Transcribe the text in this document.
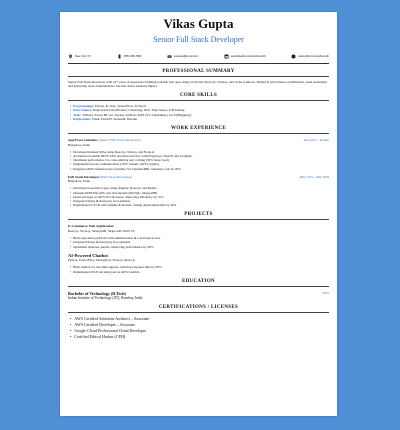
Vikas Gupta
Senior Full Stack Developer
New York, NY	(555) 456-7890	example@email.com	www.linkedin.com/in/johnsmith	www.github.com/johnsmith
PROFESSIONAL SUMMARY
Senior Full Stack Developer with 16+ years of experience building scalable web apps using JavaScript, React.js, Node.js, and cloud solutions. Skilled in performance optimization, team leadership, and delivering clean, maintainable code that drives business impact.
CORE SKILLS
• Programming: Python, R, SQL, TensorFlow, PyTorch
• Data Science: Regression/Classification, Clustering, NLP, Time Series, A/B Testing
• Tools: Tableau, Power BI, Git, Docker, Airflow, AWS (S3, SageMaker), GCP (BigQuery)
• Deployment: Flask, FastAPI, Streamlit, Heroku
WORK EXPERIENCE
AppTrove Solutions (Senior Full Stack Developer)	June 2015 – Present
Bangalore, India
• Developed modern SPAs using React.js, Next.js, and Node.js
• Architected scalable REST APIs and microservices with Express.js, NestJS, and GraphQL
• Optimized performance via code-splitting and caching (30% faster load)
• Implemented secure authentication (JWT, OAuth, AWS Cognito)
• Integrated AWS infrastructure (Lambda, S3, DynamoDB), reducing costs by 20%
Full Stack Developer (Full Stack Developer)	May 2015 – May 2018
Bangalore, India
• Developed responsive apps using Angular, React.js, and Redux
• Designed RESTful APIs and data models (MySQL, MongoDB)
• Deployed apps on AWS EC2 & Azure, improving efficiency by 25%
• Integrated Stripe & Razorpay for payments
• Implemented CI/CD with Jenkins & Docker, cutting deployment time by 40%
PROJECTS
E-Commerce Web Application
React.js, Node.js, MongoDB, Stripe API, AWS S3
• Built responsive platform with authentication & role-based access
• Integrated Stripe & Razorpay for payments
• Optimized database queries, improving performance by 40%
AI-Powered Chatbot
Python, TensorFlow, Dialogflow, Node.js, React.js
• Built chatbot for real-time support, reducing response time by 60%
• Implemented NLP and deployed on AWS Lambda
EDUCATION
Bachelor of Technology (B.Tech)	2015
Indian Institute of Technology (IIT), Bombay, India
CERTIFICATIONS / LICENSES
• AWS Certified Solutions Architect – Associate
• AWS Certified Developer – Associate
• Google Cloud Professional Cloud Developer
• Certified Ethical Hacker (CEH)
